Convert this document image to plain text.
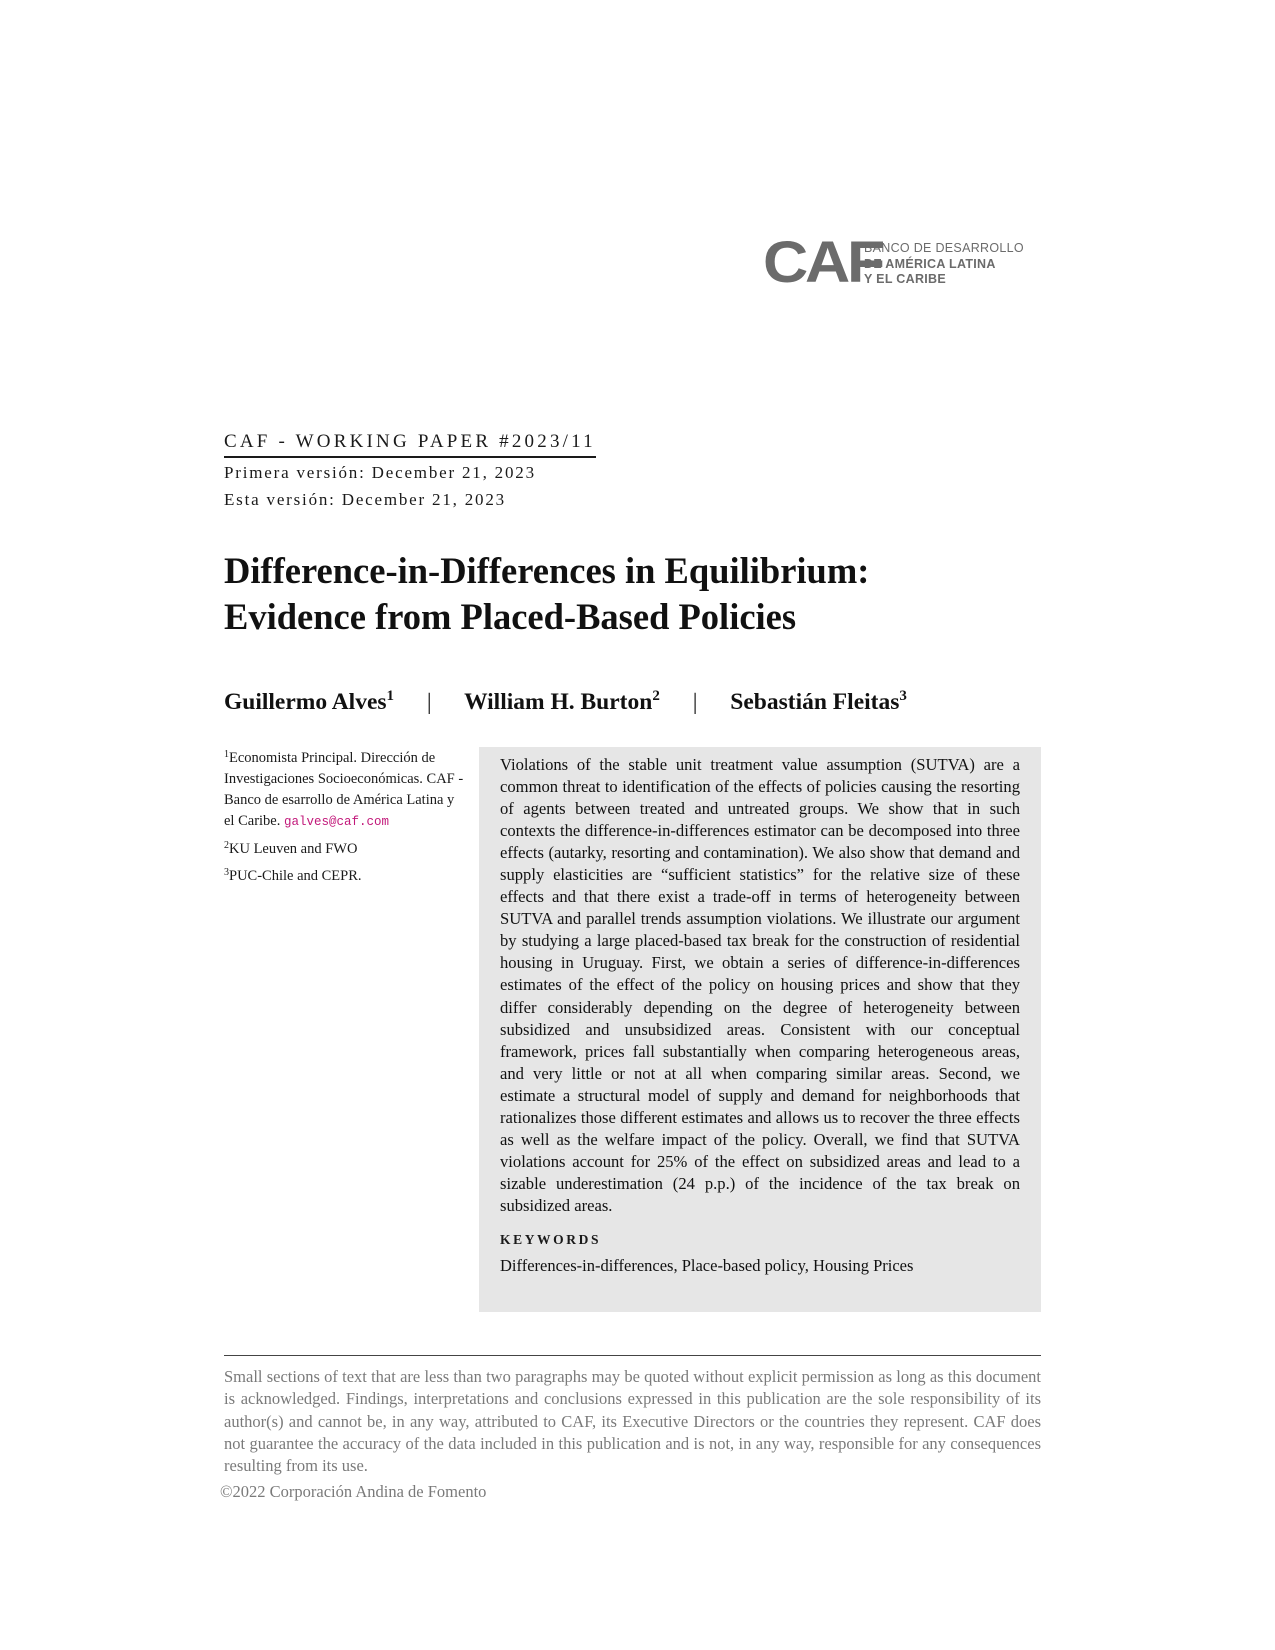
CAF
BANCO DE DESARROLLO
DE AMÉRICA LATINA
Y EL CARIBE
CAF - WORKING PAPER #2023/11
Primera versión: December 21, 2023
Esta versión: December 21, 2023
Difference-in-Differences in Equilibrium:
Evidence from Placed-Based Policies
Guillermo Alves$^1$ | William H. Burton$^2$ | Sebastián Fleitas$^3$

$^1$Economista Principal. Dirección de Investigaciones Socioeconómicas. CAF - Banco de esarrollo de América Latina y el Caribe. galves@caf.com

$^2$KU Leuven and FWO

$^3$PUC-Chile and CEPR.

Violations of the stable unit treatment value assumption (SUTVA) are a common threat to identification of the effects of policies causing the resorting of agents between treated and untreated groups. We show that in such contexts the difference-in-differences estimator can be decomposed into three effects (autarky, resorting and contamination). We also show that demand and supply elasticities are “sufficient statistics” for the relative size of these effects and that there exist a trade-off in terms of heterogeneity between SUTVA and parallel trends assumption violations. We illustrate our argument by studying a large placed-based tax break for the construction of residential housing in Uruguay. First, we obtain a series of difference-in-differences estimates of the effect of the policy on housing prices and show that they differ considerably depending on the degree of heterogeneity between subsidized and unsubsidized areas. Consistent with our conceptual framework, prices fall substantially when comparing heterogeneous areas, and very little or not at all when comparing similar areas. Second, we estimate a structural model of supply and demand for neighborhoods that rationalizes those different estimates and allows us to recover the three effects as well as the welfare impact of the policy. Overall, we find that SUTVA violations account for 25% of the effect on subsidized areas and lead to a sizable underestimation (24 p.p.) of the incidence of the tax break on subsidized areas.

KEYWORDS
Differences-in-differences, Place-based policy, Housing Prices

Small sections of text that are less than two paragraphs may be quoted without explicit permission as long as this document is acknowledged. Findings, interpretations and conclusions expressed in this publication are the sole responsibility of its author(s) and cannot be, in any way, attributed to CAF, its Executive Directors or the countries they represent. CAF does not guarantee the accuracy of the data included in this publication and is not, in any way, responsible for any consequences resulting from its use.

©2022 Corporación Andina de Fomento
